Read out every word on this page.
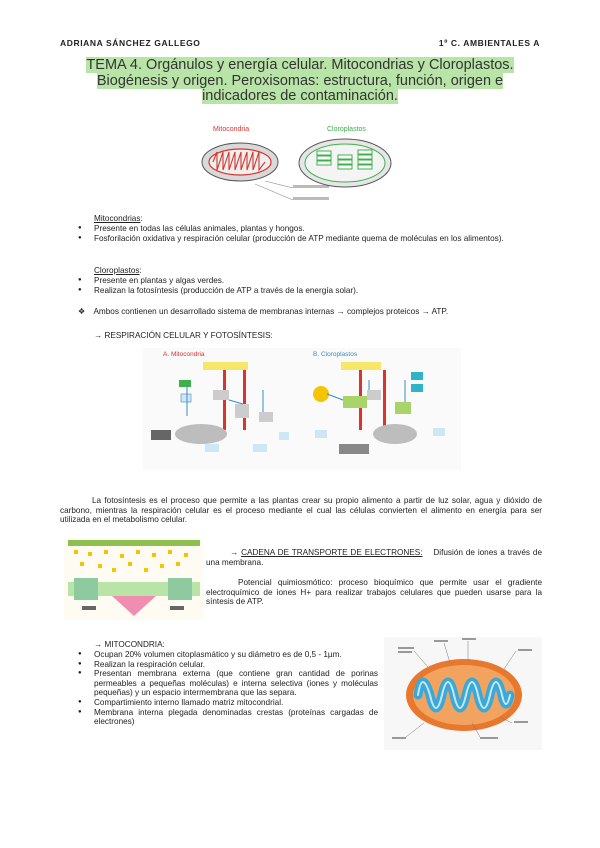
ADRIANA SÁNCHEZ GALLEGO	1º C. AMBIENTALES A
TEMA 4. Orgánulos y energía celular. Mitocondrias y Cloroplastos. Biogénesis y origen. Peroxisomas: estructura, función, origen e indicadores de contaminación.
Mitocondria	Cloroplastos
Mitocondrias:
● Presente en todas las células animales, plantas y hongos.
● Fosforilación oxidativa y respiración celular (producción de ATP mediante quema de moléculas en los alimentos).
Cloroplastos:
● Presente en plantas y algas verdes.
● Realizan la fotosíntesis (producción de ATP a través de la energía solar).
❖ Ambos contienen un desarrollado sistema de membranas internas → complejos proteicos → ATP.
→ RESPIRACIÓN CELULAR Y FOTOSÍNTESIS:
A. Mitocondria	B. Cloroplastos

La fotosíntesis es el proceso que permite a las plantas crear su propio alimento a partir de luz solar, agua y dióxido de carbono, mientras la respiración celular es el proceso mediante el cual las células convierten el alimento en energía para ser utilizada en el metabolismo celular.

→ CADENA DE TRANSPORTE DE ELECTRONES: Difusión de iones a través de una membrana.

Potencial quimiosmótico: proceso bioquímico que permite usar el gradiente electroquímico de iones H+ para realizar trabajos celulares que pueden usarse para la síntesis de ATP.

→ MITOCONDRIA:
● Ocupan 20% volumen citoplasmático y su diámetro es de 0,5 - 1µm.
● Realizan la respiración celular.
● Presentan membrana externa (que contiene gran cantidad de porinas permeables a pequeñas moléculas) e interna selectiva (iones y moléculas pequeñas) y un espacio intermembrana que las separa.
● Compartimiento interno llamado matriz mitocondrial.
● Membrana interna plegada denominadas crestas (proteínas cargadas de electrones)
